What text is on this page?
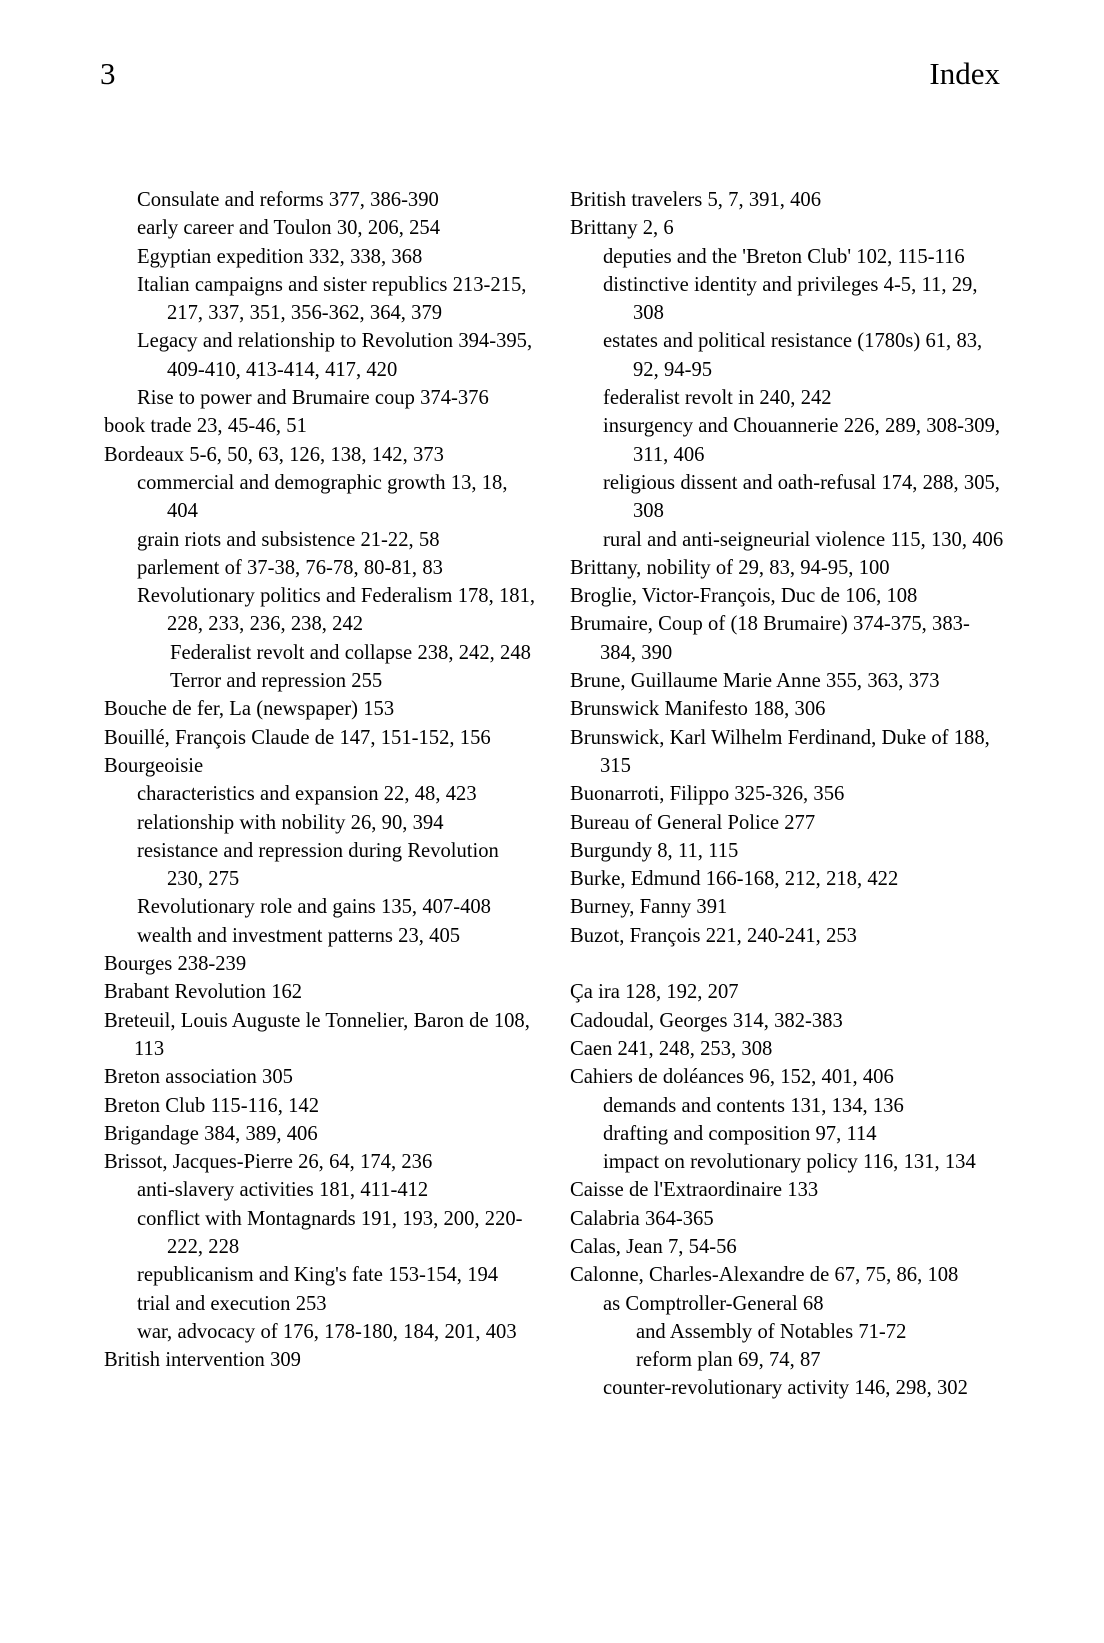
3	Index
Consulate and reforms 377, 386-390
early career and Toulon 30, 206, 254
Egyptian expedition 332, 338, 368
Italian campaigns and sister republics 213-215, 217, 337, 351, 356-362, 364, 379
Legacy and relationship to Revolution 394-395, 409-410, 413-414, 417, 420
Rise to power and Brumaire coup 374-376
book trade 23, 45-46, 51
Bordeaux 5-6, 50, 63, 126, 138, 142, 373
commercial and demographic growth 13, 18, 404
grain riots and subsistence 21-22, 58
parlement of 37-38, 76-78, 80-81, 83
Revolutionary politics and Federalism 178, 181, 228, 233, 236, 238, 242
Federalist revolt and collapse 238, 242, 248
Terror and repression 255
Bouche de fer, La (newspaper) 153
Bouillé, François Claude de 147, 151-152, 156
Bourgeoisie
characteristics and expansion 22, 48, 423
relationship with nobility 26, 90, 394
resistance and repression during Revolution 230, 275
Revolutionary role and gains 135, 407-408
wealth and investment patterns 23, 405
Bourges 238-239
Brabant Revolution 162
Breteuil, Louis Auguste le Tonnelier, Baron de 108, 113
Breton association 305
Breton Club 115-116, 142
Brigandage 384, 389, 406
Brissot, Jacques-Pierre 26, 64, 174, 236
anti-slavery activities 181, 411-412
conflict with Montagnards 191, 193, 200, 220-222, 228
republicanism and King's fate 153-154, 194
trial and execution 253
war, advocacy of 176, 178-180, 184, 201, 403
British intervention 309
British travelers 5, 7, 391, 406
Brittany 2, 6
deputies and the 'Breton Club' 102, 115-116
distinctive identity and privileges 4-5, 11, 29, 308
estates and political resistance (1780s) 61, 83, 92, 94-95
federalist revolt in 240, 242
insurgency and Chouannerie 226, 289, 308-309, 311, 406
religious dissent and oath-refusal 174, 288, 305, 308
rural and anti-seigneurial violence 115, 130, 406
Brittany, nobility of 29, 83, 94-95, 100
Broglie, Victor-François, Duc de 106, 108
Brumaire, Coup of (18 Brumaire) 374-375, 383-384, 390
Brune, Guillaume Marie Anne 355, 363, 373
Brunswick Manifesto 188, 306
Brunswick, Karl Wilhelm Ferdinand, Duke of 188, 315
Buonarroti, Filippo 325-326, 356
Bureau of General Police 277
Burgundy 8, 11, 115
Burke, Edmund 166-168, 212, 218, 422
Burney, Fanny 391
Buzot, François 221, 240-241, 253
Ça ira 128, 192, 207
Cadoudal, Georges 314, 382-383
Caen 241, 248, 253, 308
Cahiers de doléances 96, 152, 401, 406
demands and contents 131, 134, 136
drafting and composition 97, 114
impact on revolutionary policy 116, 131, 134
Caisse de l'Extraordinaire 133
Calabria 364-365
Calas, Jean 7, 54-56
Calonne, Charles-Alexandre de 67, 75, 86, 108
as Comptroller-General 68
and Assembly of Notables 71-72
reform plan 69, 74, 87
counter-revolutionary activity 146, 298, 302
